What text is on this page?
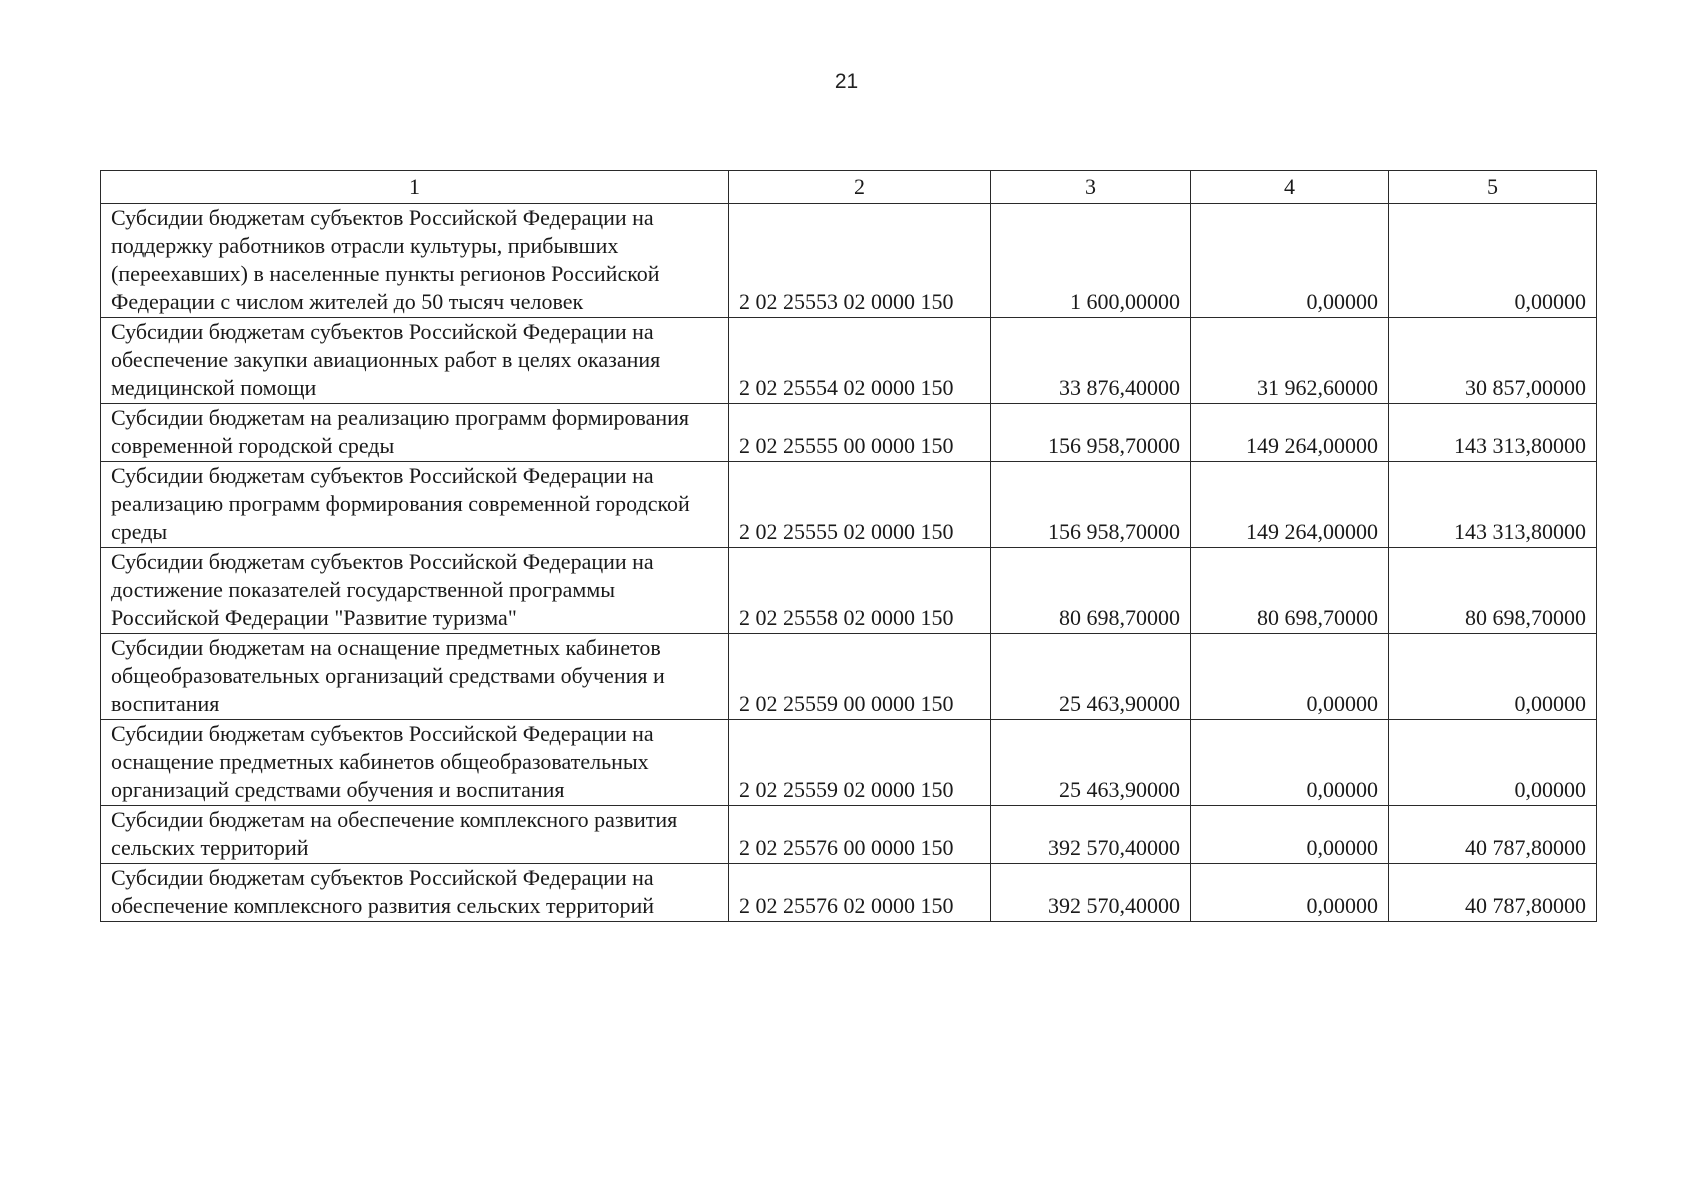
21
1	2	3	4	5
Субсидии бюджетам субъектов Российской Федерации на поддержку работников отрасли культуры, прибывших (переехавших) в населенные пункты регионов Российской Федерации с числом жителей до 50 тысяч человек	2 02 25553 02 0000 150	1 600,00000	0,00000	0,00000
Субсидии бюджетам субъектов Российской Федерации на обеспечение закупки авиационных работ в целях оказания медицинской помощи	2 02 25554 02 0000 150	33 876,40000	31 962,60000	30 857,00000
Субсидии бюджетам на реализацию программ формирования современной городской среды	2 02 25555 00 0000 150	156 958,70000	149 264,00000	143 313,80000
Субсидии бюджетам субъектов Российской Федерации на реализацию программ формирования современной городской среды	2 02 25555 02 0000 150	156 958,70000	149 264,00000	143 313,80000
Субсидии бюджетам субъектов Российской Федерации на достижение показателей государственной программы Российской Федерации "Развитие туризма"	2 02 25558 02 0000 150	80 698,70000	80 698,70000	80 698,70000
Субсидии бюджетам на оснащение предметных кабинетов общеобразовательных организаций средствами обучения и воспитания	2 02 25559 00 0000 150	25 463,90000	0,00000	0,00000
Субсидии бюджетам субъектов Российской Федерации на оснащение предметных кабинетов общеобразовательных организаций средствами обучения и воспитания	2 02 25559 02 0000 150	25 463,90000	0,00000	0,00000
Субсидии бюджетам на обеспечение комплексного развития сельских территорий	2 02 25576 00 0000 150	392 570,40000	0,00000	40 787,80000
Субсидии бюджетам субъектов Российской Федерации на обеспечение комплексного развития сельских территорий	2 02 25576 02 0000 150	392 570,40000	0,00000	40 787,80000
